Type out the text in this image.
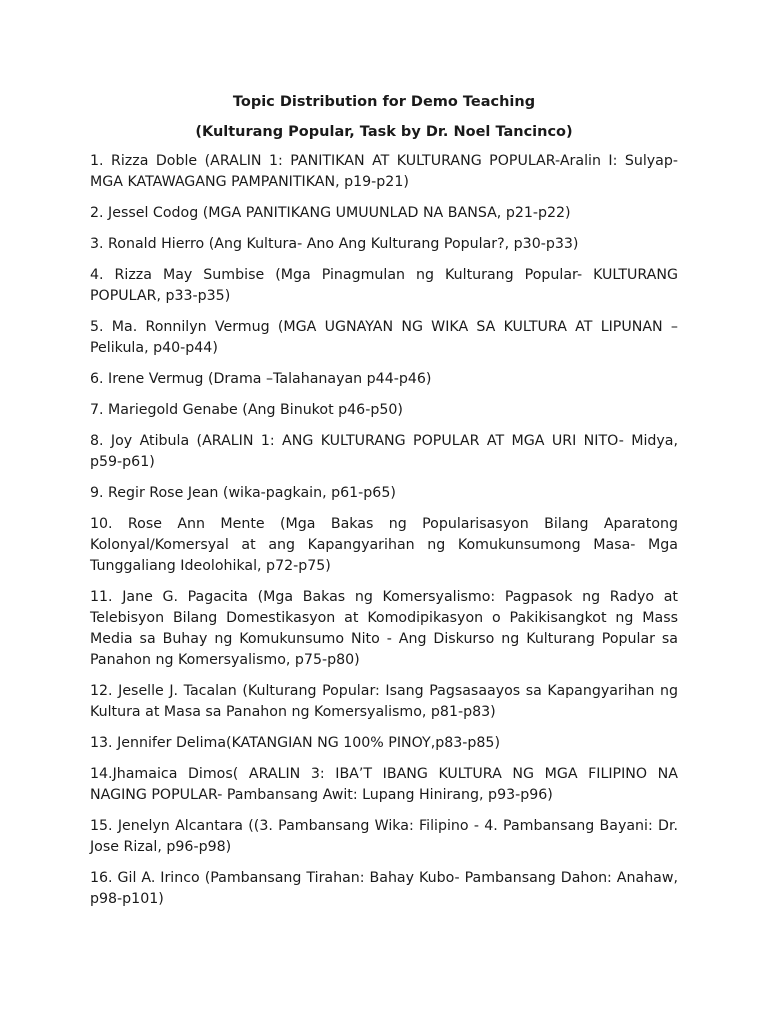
Topic Distribution for Demo Teaching
(Kulturang Popular, Task by Dr. Noel Tancinco)
1. Rizza Doble (ARALIN 1: PANITIKAN AT KULTURANG POPULAR-Aralin I: Sulyap- MGA KATAWAGANG PAMPANITIKAN, p19-p21)
2. Jessel Codog (MGA PANITIKANG UMUUNLAD NA BANSA, p21-p22)
3. Ronald Hierro (Ang Kultura- Ano Ang Kulturang Popular?, p30-p33)
4. Rizza May Sumbise (Mga Pinagmulan ng Kulturang Popular- KULTURANG POPULAR, p33-p35)
5. Ma. Ronnilyn Vermug (MGA UGNAYAN NG WIKA SA KULTURA AT LIPUNAN – Pelikula, p40-p44)
6. Irene Vermug (Drama –Talahanayan p44-p46)
7. Mariegold Genabe (Ang Binukot p46-p50)
8. Joy Atibula (ARALIN 1: ANG KULTURANG POPULAR AT MGA URI NITO- Midya, p59-p61)
9. Regir Rose Jean (wika-pagkain, p61-p65)
10. Rose Ann Mente (Mga Bakas ng Popularisasyon Bilang Aparatong Kolonyal/Komersyal at ang Kapangyarihan ng Komukunsumong Masa- Mga Tunggaliang Ideolohikal, p72-p75)
11. Jane G. Pagacita (Mga Bakas ng Komersyalismo: Pagpasok ng Radyo at Telebisyon Bilang Domestikasyon at Komodipikasyon o Pakikisangkot ng Mass Media sa Buhay ng Komukunsumo Nito - Ang Diskurso ng Kulturang Popular sa Panahon ng Komersyalismo, p75-p80)
12. Jeselle J. Tacalan (Kulturang Popular: Isang Pagsasaayos sa Kapangyarihan ng Kultura at Masa sa Panahon ng Komersyalismo, p81-p83)
13. Jennifer Delima(KATANGIAN NG 100% PINOY,p83-p85)
14.Jhamaica Dimos( ARALIN 3: IBA’T IBANG KULTURA NG MGA FILIPINO NA NAGING POPULAR- Pambansang Awit: Lupang Hinirang, p93-p96)
15. Jenelyn Alcantara ((3. Pambansang Wika: Filipino - 4. Pambansang Bayani: Dr. Jose Rizal, p96-p98)
16. Gil A. Irinco (Pambansang Tirahan: Bahay Kubo- Pambansang Dahon: Anahaw, p98-p101)
